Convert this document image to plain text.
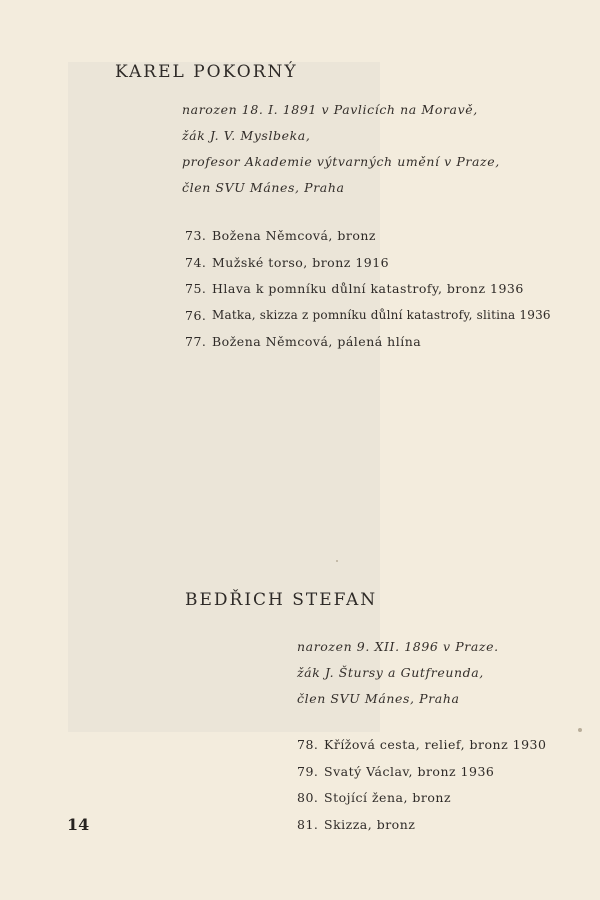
KAREL POKORNÝ
narozen 18. I. 1891 v Pavlicích na Moravě,
žák J. V. Myslbeka,
profesor Akademie výtvarných umění v Praze,
člen SVU Mánes, Praha
73. Božena Němcová, bronz
74. Mužské torso, bronz 1916
75. Hlava k pomníku důlní katastrofy, bronz 1936
76. Matka, skizza z pomníku důlní katastrofy, slitina 1936
77. Božena Němcová, pálená hlína
BEDŘICH STEFAN
narozen 9. XII. 1896 v Praze.
žák J. Štursy a Gutfreunda,
člen SVU Mánes, Praha
78. Křížová cesta, relief, bronz 1930
79. Svatý Václav, bronz 1936
80. Stojící žena, bronz
81. Skizza, bronz
14
